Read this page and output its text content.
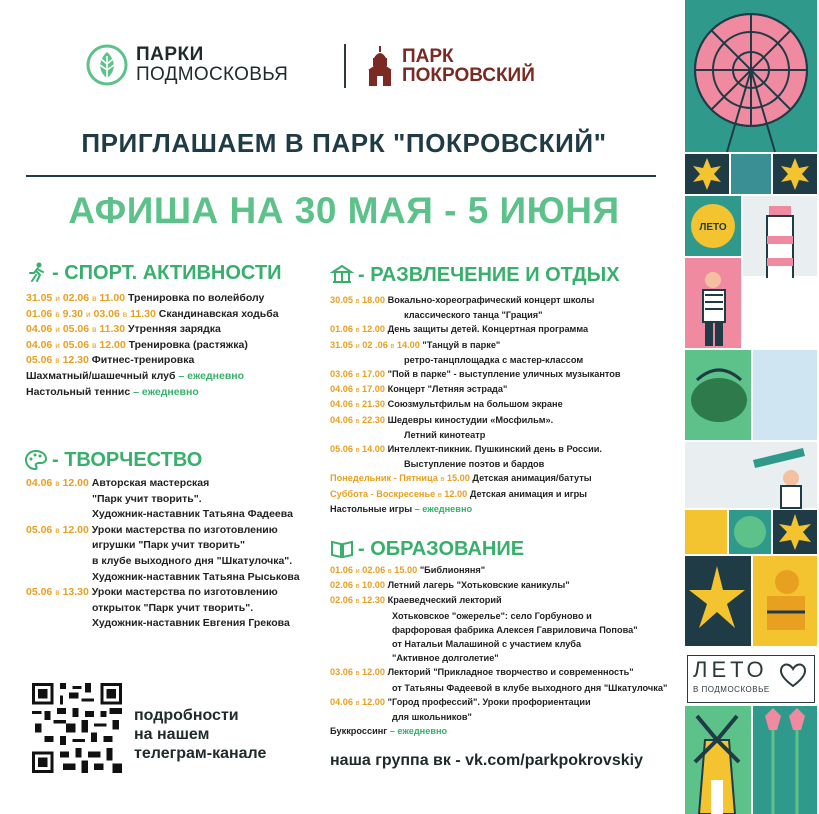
ПАРКИ
ПОДМОСКОВЬЯ
ПАРК
ПОКРОВСКИЙ
ПРИГЛАШАЕМ В ПАРК "ПОКРОВСКИЙ"
АФИША НА 30 МАЯ - 5 ИЮНЯ
- СПОРТ. АКТИВНОСТИ
31.05 и 02.06 в 11.00 Тренировка по волейболу
01.06 в 9.30 и 03.06 в 11.30 Скандинавская ходьба
04.06 и 05.06 в 11.30 Утренняя зарядка
04.06 и 05.06 в 12.00 Тренировка (растяжка)
05.06 в 12.30 Фитнес-тренировка
Шахматный/шашечный клуб – ежедневно
Настольный теннис – ежедневно
- ТВОРЧЕСТВО
04.06 в 12.00 Авторская мастерская
"Парк учит творить".
Художник-наставник Татьяна Фадеева
05.06 в 12.00 Уроки мастерства по изготовлению
игрушки "Парк учит творить"
в клубе выходного дня "Шкатулочка".
Художник-наставник Татьяна Рыськова
05.06 в 13.30 Уроки мастерства по изготовлению
открыток "Парк учит творить".
Художник-наставник Евгения Грекова
- РАЗВЛЕЧЕНИЕ И ОТДЫХ
30.05 в 18.00 Вокально-хореографический концерт школы
классического танца "Грация"
01.06 в 12.00 День защиты детей. Концертная программа
31.05 и 02 .06 в 14.00 "Танцуй в парке"
ретро-танцплощадка с мастер-классом
03.06 в 17.00 "Пой в парке" - выступление уличных музыкантов
04.06 в 17.00 Концерт "Летняя эстрада"
04.06 в 21.30 Союзмультфильм на большом экране
04.06 в 22.30 Шедевры киностудии «Мосфильм».
Летний кинотеатр
05.06 в 14.00 Интеллект-пикник. Пушкинский день в России.
Выступление поэтов и бардов
Понедельник - Пятница в 15.00 Детская анимация/батуты
Суббота - Воскресенье в 12.00 Детская анимация и игры
Настольные игры – ежедневно
- ОБРАЗОВАНИЕ
01.06 и 02.06 в 15.00 "Библионяня"
02.06 в 10.00 Летний лагерь "Хотьковские каникулы"
02.06 в 12.30 Краеведческий лекторий
Хотьковское "ожерелье": село Горбуново и
фарфоровая фабрика Алексея Гавриловича Попова"
от Натальи Малашиной с участием клуба
"Активное долголетие"
03.06 в 12.00 Лекторий "Прикладное творчество и современность"
от Татьяны Фадеевой в клубе выходного дня "Шкатулочка"
04.06 в 12.00 "Город профессий". Уроки профориентации
для школьников"
Буккроссинг – ежедневно
подробности
на нашем
телеграм-канале	наша группа вк - vk.com/parkpokrovskiy
ЛЕТО
ЛЕТО
В ПОДМОСКОВЬЕ
